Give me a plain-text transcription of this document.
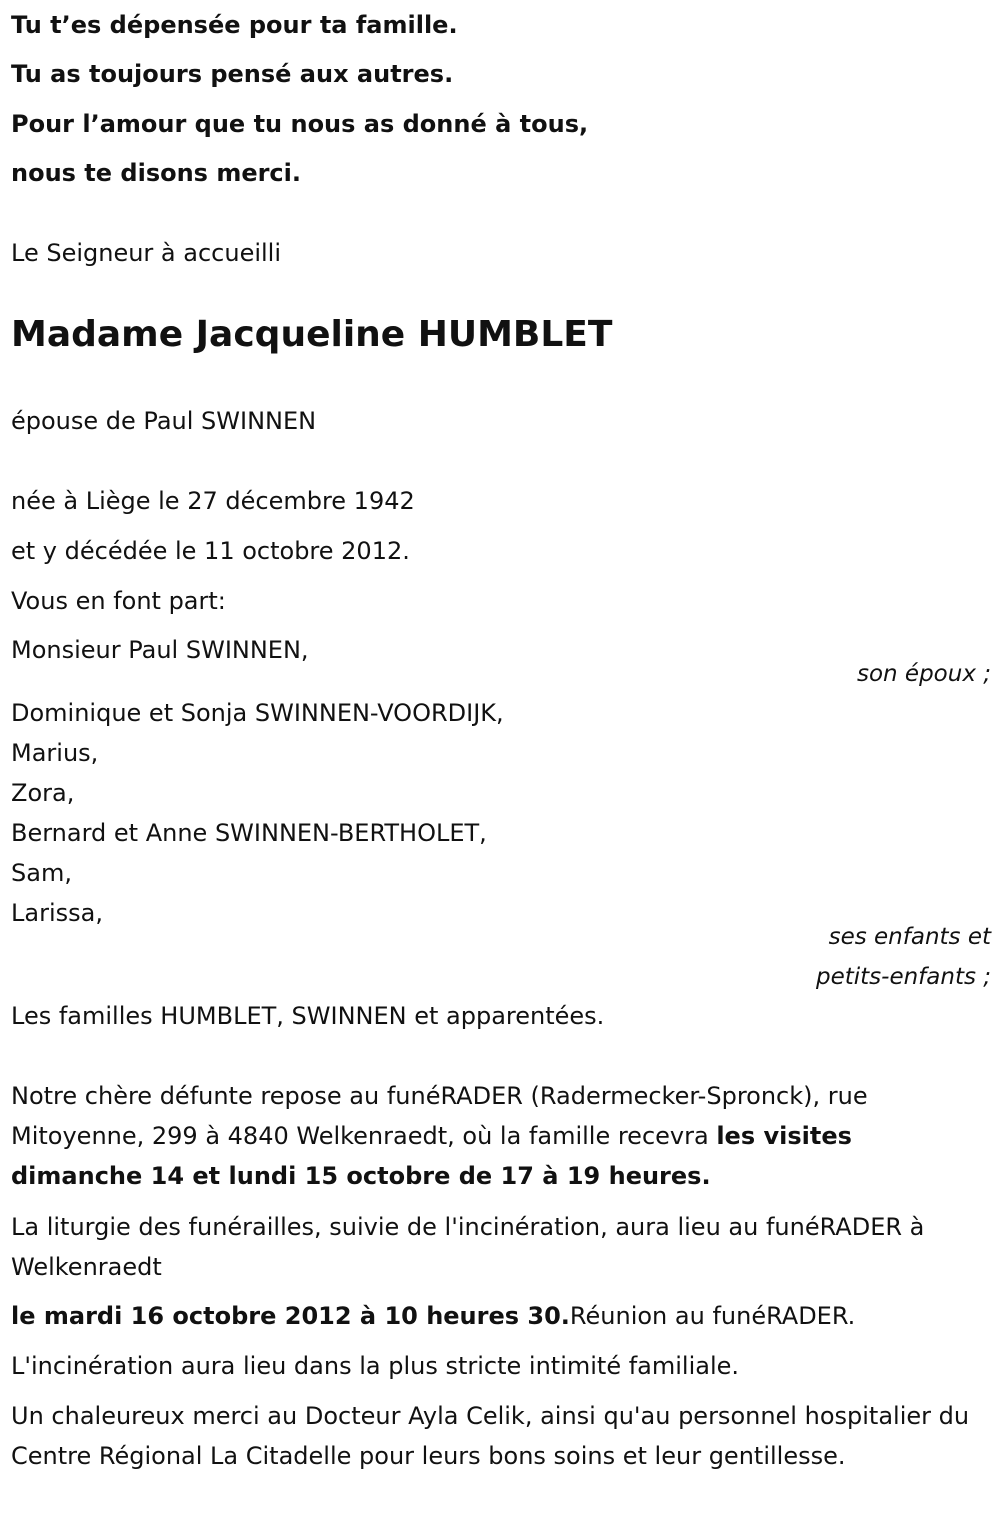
Tu t’es dépensée pour ta famille.
Tu as toujours pensé aux autres.
Pour l’amour que tu nous as donné à tous,
nous te disons merci.
Le Seigneur à accueilli
Madame Jacqueline HUMBLET
épouse de Paul SWINNEN
née à Liège le 27 décembre 1942
et y décédée le 11 octobre 2012.
Vous en font part:
Monsieur Paul SWINNEN,
son époux ;
Dominique et Sonja SWINNEN-VOORDIJK,
Marius,
Zora,
Bernard et Anne SWINNEN-BERTHOLET,
Sam,
Larissa,
ses enfants et
petits-enfants ;
Les familles HUMBLET, SWINNEN et apparentées.
Notre chère défunte repose au funéRADER (Radermecker-Spronck), rue Mitoyenne, 299 à 4840 Welkenraedt, où la famille recevra les visites dimanche 14 et lundi 15 octobre de 17 à 19 heures.
La liturgie des funérailles, suivie de l'incinération, aura lieu au funéRADER à Welkenraedt
le mardi 16 octobre 2012 à 10 heures 30.Réunion au funéRADER.
L'incinération aura lieu dans la plus stricte intimité familiale.
Un chaleureux merci au Docteur Ayla Celik, ainsi qu'au personnel hospitalier du Centre Régional La Citadelle pour leurs bons soins et leur gentillesse.
